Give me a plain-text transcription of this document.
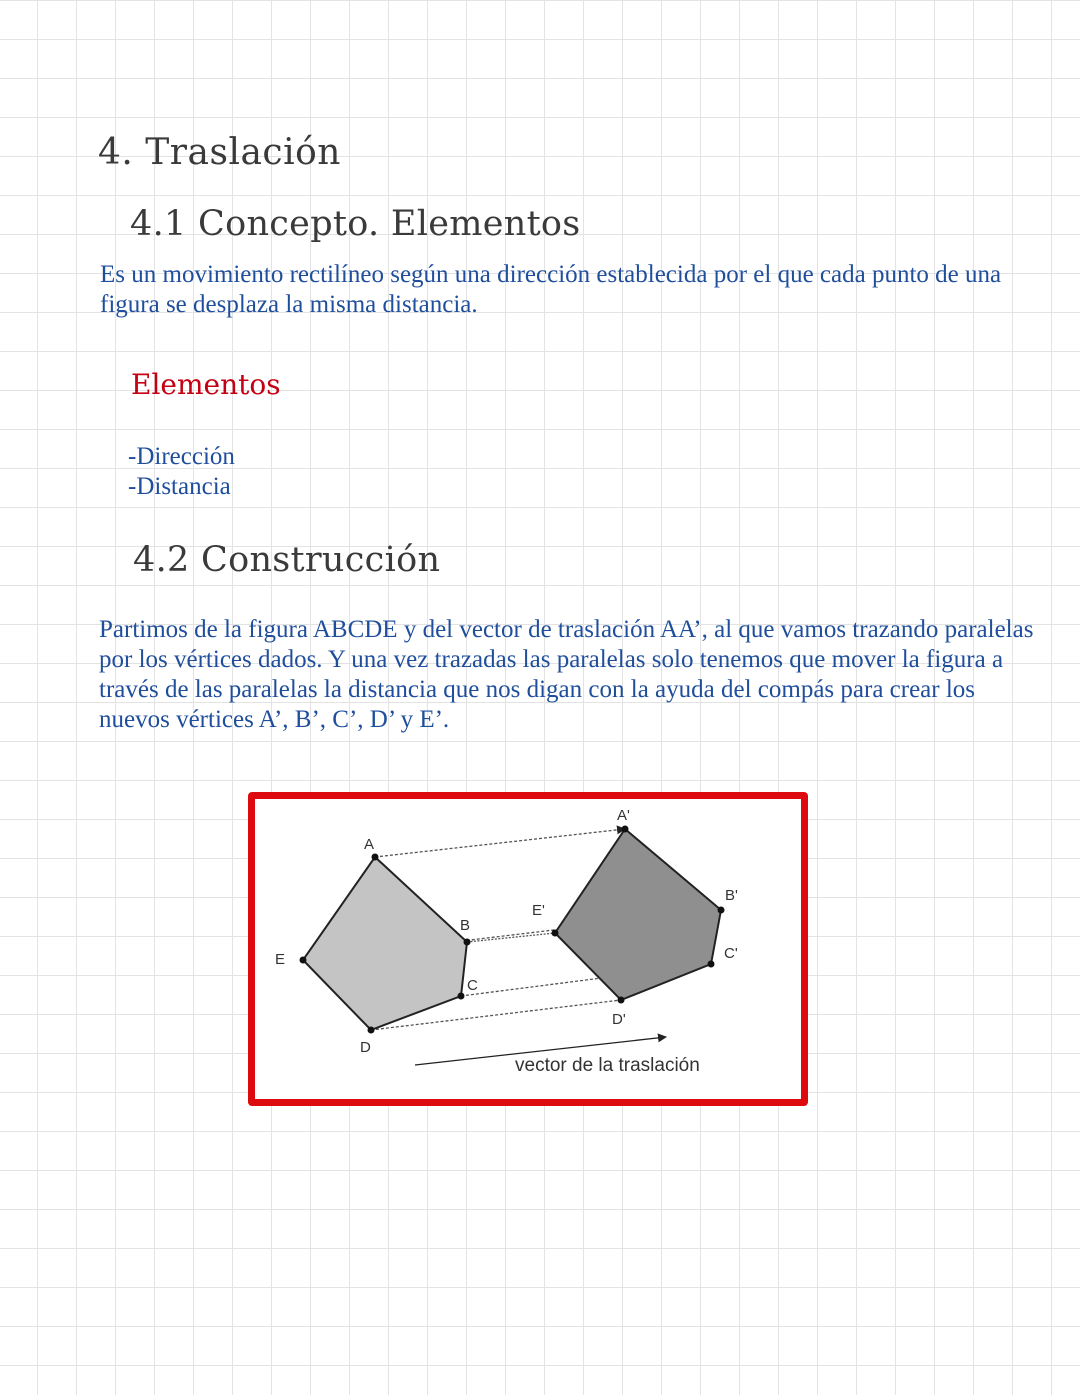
4. Traslación
4.1 Concepto. Elementos

Es un movimiento rectilíneo según una dirección establecida por el que cada punto de una figura se desplaza la misma distancia.

Elementos
-Dirección
-Distancia
4.2 Construcción

Partimos de la figura ABCDE y del vector de traslación AA’, al que vamos trazando paralelas por los vértices dados. Y una vez trazadas las paralelas solo tenemos que mover la figura a través de las paralelas la distancia que nos digan con la ayuda del compás para crear los nuevos vértices A’, B’, C’, D’ y E’.

A
B
C
D
E
A'
B'
C'
D'
E'
vector de la traslación
